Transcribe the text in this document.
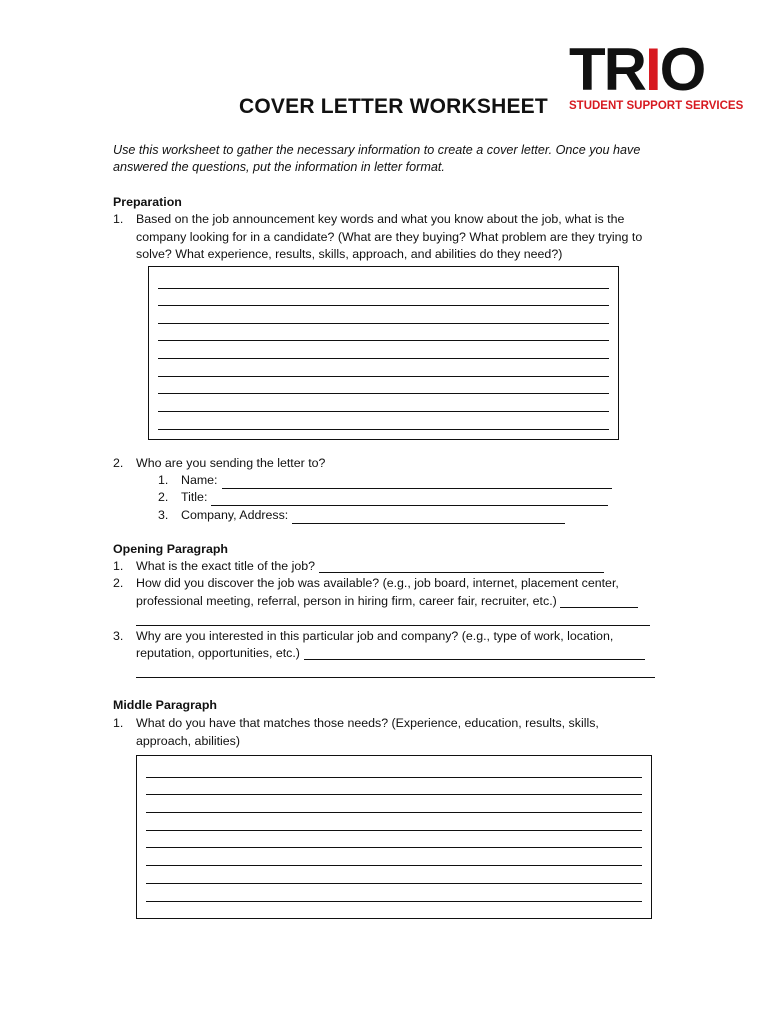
T R I O
STUDENT SUPPORT SERVICES
COVER LETTER WORKSHEET
Use this worksheet to gather the necessary information to create a cover letter. Once you have answered the questions, put the information in letter format.
Preparation
1.	Based on the job announcement key words and what you know about the job, what is the company looking for in a candidate? (What are they buying? What problem are they trying to solve? What experience, results, skills, approach, and abilities do they need?)
2.	Who are you sending the letter to?
1.	Name:
2.	Title:
3.	Company, Address:
Opening Paragraph
1.	What is the exact title of the job?
2.	How did you discover the job was available? (e.g., job board, internet, placement center,
professional meeting, referral, person in hiring firm, career fair, recruiter, etc.)
3.	Why are you interested in this particular job and company? (e.g., type of work, location,
reputation, opportunities, etc.)
Middle Paragraph
1.	What do you have that matches those needs? (Experience, education, results, skills, approach, abilities)
